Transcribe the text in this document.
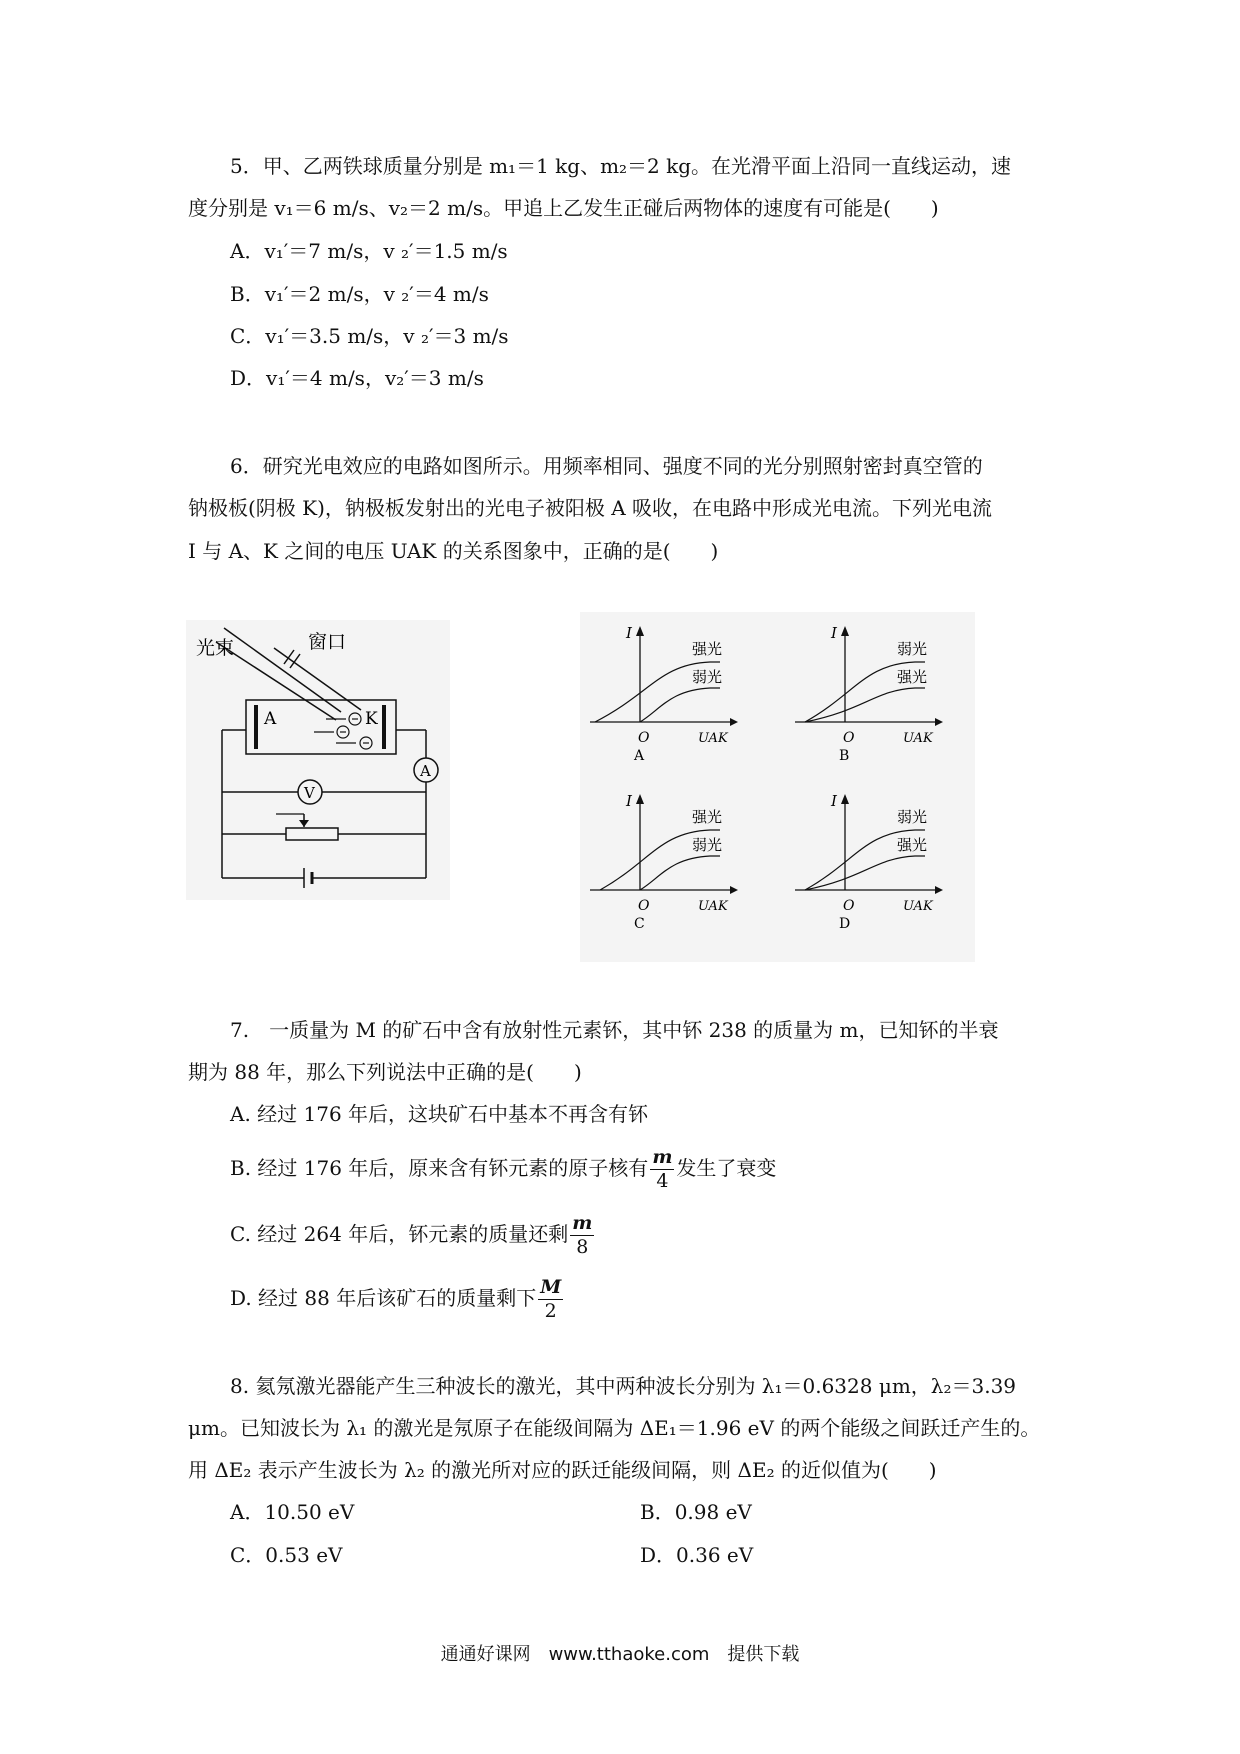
5．甲、乙两铁球质量分别是 m₁＝1 kg、m₂＝2 kg。在光滑平面上沿同一直线运动，速
度分别是 v₁＝6 m/s、v₂＝2 m/s。甲追上乙发生正碰后两物体的速度有可能是(　　)
A．v₁′＝7 m/s，v ₂′＝1.5 m/s
B．v₁′＝2 m/s，v ₂′＝4 m/s
C．v₁′＝3.5 m/s，v ₂′＝3 m/s
D．v₁′＝4 m/s，v₂′＝3 m/s
6．研究光电效应的电路如图所示。用频率相同、强度不同的光分别照射密封真空管的
钠极板(阴极 K)，钠极板发射出的光电子被阳极 A 吸收，在电路中形成光电流。下列光电流
I 与 A、K 之间的电压 UAK 的关系图象中，正确的是(　　)
A	K
A
V
光束	窗口	I
O	UAK
强光
弱光
A
I
O	UAK
弱光
强光
B
I
O	UAK
强光
弱光
C
I
O	UAK
弱光
强光
D
7.　一质量为 M 的矿石中含有放射性元素钚，其中钚 238 的质量为 m，已知钚的半衰
期为 88 年，那么下列说法中正确的是(　　)
A. 经过 176 年后，这块矿石中基本不再含有钚
B. 经过 176 年后，原来含有钚元素的原子核有 $\frac{m}{4}$ 发生了衰变
C. 经过 264 年后，钚元素的质量还剩 $\frac{m}{8}$
D. 经过 88 年后该矿石的质量剩下 $\frac{M}{2}$
8. 氦氖激光器能产生三种波长的激光，其中两种波长分别为 λ₁＝0.6328 μm，λ₂＝3.39
μm。已知波长为 λ₁ 的激光是氖原子在能级间隔为 ΔE₁＝1.96 eV 的两个能级之间跃迁产生的。
用 ΔE₂ 表示产生波长为 λ₂ 的激光所对应的跃迁能级间隔，则 ΔE₂ 的近似值为(　　)
A．10.50 eV	B．0.98 eV
C．0.53 eV	D．0.36 eV
通通好课网　www.tthaoke.com　提供下载
